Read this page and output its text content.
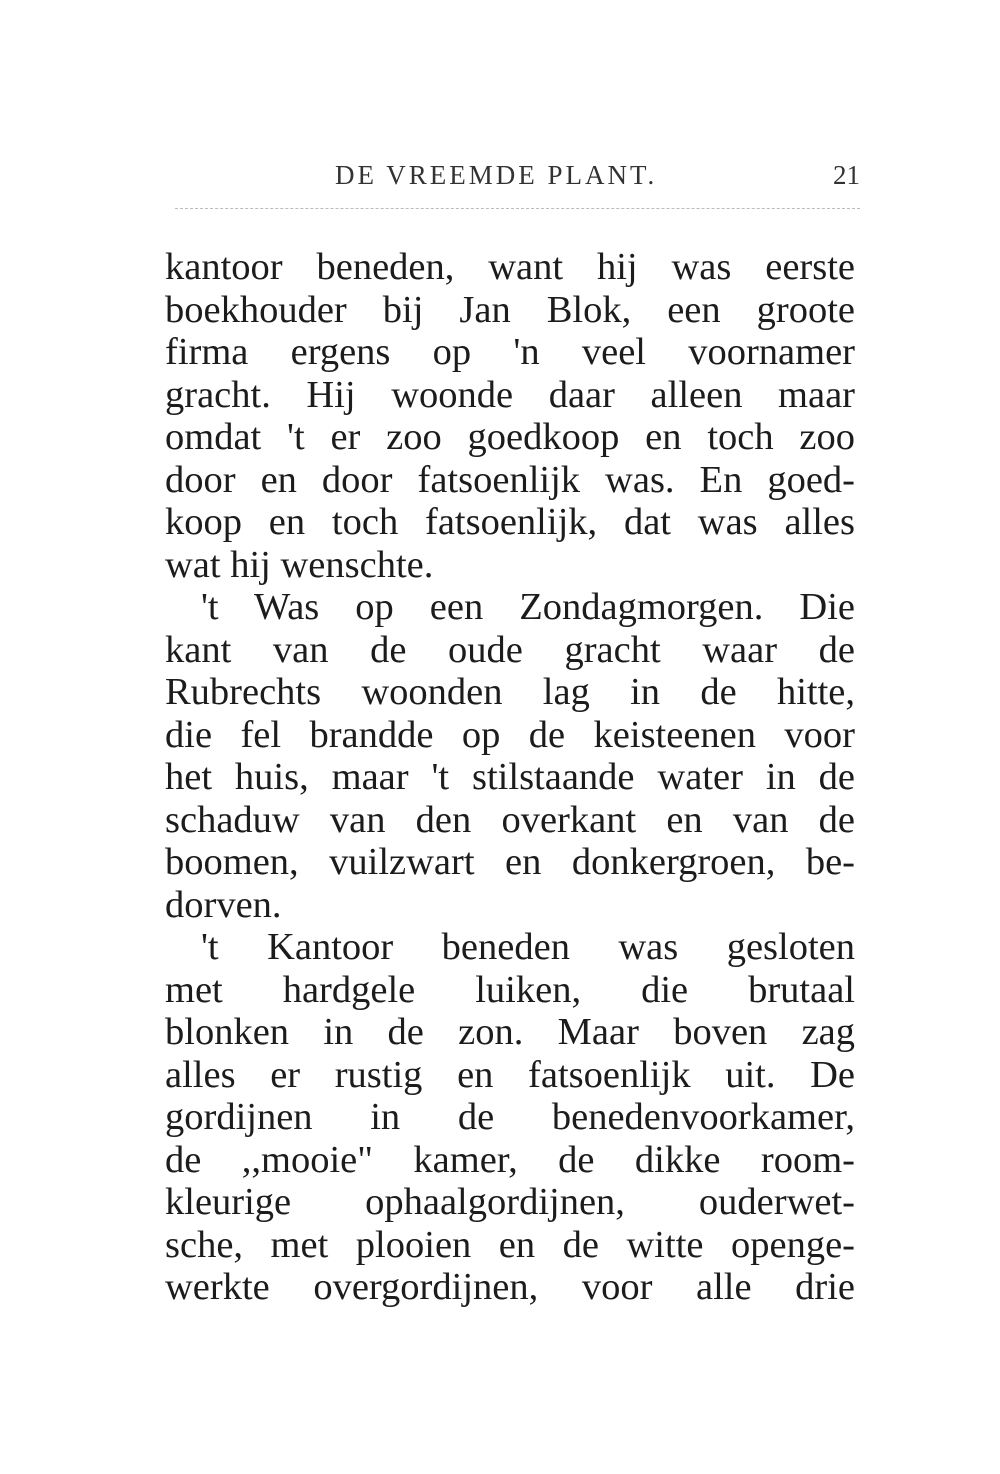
DE VREEMDE PLANT.	21
kantoor beneden, want hij was eerste
boekhouder bij Jan Blok, een groote
firma ergens op 'n veel voornamer
gracht. Hij woonde daar alleen maar
omdat 't er zoo goedkoop en toch zoo
door en door fatsoenlijk was. En goed-
koop en toch fatsoenlijk, dat was alles
wat hij wenschte.
't Was op een Zondagmorgen. Die
kant van de oude gracht waar de
Rubrechts woonden lag in de hitte,
die fel brandde op de keisteenen voor
het huis, maar 't stilstaande water in de
schaduw van den overkant en van de
boomen, vuilzwart en donkergroen, be-
dorven.
't Kantoor beneden was gesloten
met hardgele luiken, die brutaal
blonken in de zon. Maar boven zag
alles er rustig en fatsoenlijk uit. De
gordijnen in de benedenvoorkamer,
de ,,mooie" kamer, de dikke room-
kleurige ophaalgordijnen, ouderwet-
sche, met plooien en de witte openge-
werkte overgordijnen, voor alle drie
